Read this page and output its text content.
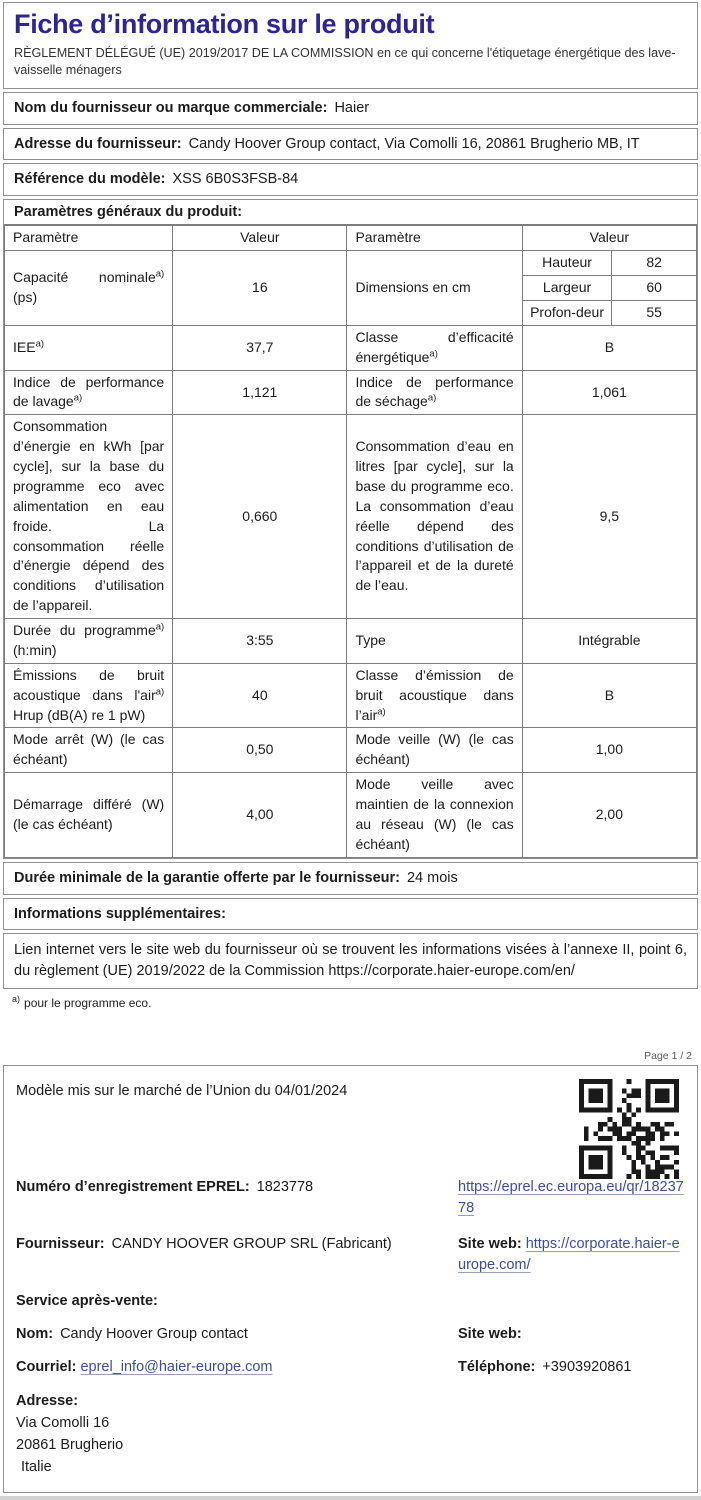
Fiche d’information sur le produit
RÈGLEMENT DÉLÉGUÉ (UE) 2019/2017 DE LA COMMISSION en ce qui concerne l'étiquetage énergétique des lave-vaisselle ménagers
Nom du fournisseur ou marque commerciale: Haier
Adresse du fournisseur: Candy Hoover Group contact, Via Comolli 16, 20861 Brugherio MB, IT
Référence du modèle: XSS 6B0S3FSB-84
Paramètres généraux du produit:
Paramètre	Valeur	Paramètre	Valeur	
Capacité nominale$^{a)}$ (ps)	16	Dimensions en cm	Hauteur	82
			Largeur	60
			Profon-deur	55
IEE$^{a)}$	37,7	Classe d’efficacité énergétique$^{a)}$	B	
Indice de performance de lavage$^{a)}$	1,121	Indice de performance de séchage$^{a)}$	1,061	
Consommation d’énergie en kWh [par cycle], sur la base du programme eco avec alimentation en eau froide. La consommation réelle d’énergie dépend des conditions d’utilisation de l’appareil.	0,660	Consommation d’eau en litres [par cycle], sur la base du programme eco. La consommation d’eau réelle dépend des conditions d’utilisation de l’appareil et de la dureté de l’eau.	9,5	
Durée du programme$^{a)}$ (h:min)	3:55	Type	Intégrable	
Émissions de bruit acoustique dans l'air$^{a)}$ Hrup (dB(A) re 1 pW)	40	Classe d’émission de bruit acoustique dans l’air$^{a)}$	B	
Mode arrêt (W) (le cas échéant)	0,50	Mode veille (W) (le cas échéant)	1,00	
Démarrage différé (W) (le cas échéant)	4,00	Mode veille avec maintien de la connexion au réseau (W) (le cas échéant)	2,00	
Durée minimale de la garantie offerte par le fournisseur: 24 mois
Informations supplémentaires:
Lien internet vers le site web du fournisseur où se trouvent les informations visées à l’annexe II, point 6, du règlement (UE) 2019/2022 de la Commission https://corporate.haier-europe.com/en/
$^{a)}$ pour le programme eco.
Page 1 / 2
Modèle mis sur le marché de l’Union du 04/01/2024
Numéro d’enregistrement EPREL: 1823778	https://eprel.ec.europa.eu/qr/1823778
Fournisseur: CANDY HOOVER GROUP SRL (Fabricant)	Site web: https://corporate.haier-europe.com/
Service après-vente:
Nom: Candy Hoover Group contact	Site web:
Courriel: eprel_info@haier-europe.com	Téléphone: +3903920861
Adresse:
Via Comolli 16
20861 Brugherio
Italie
